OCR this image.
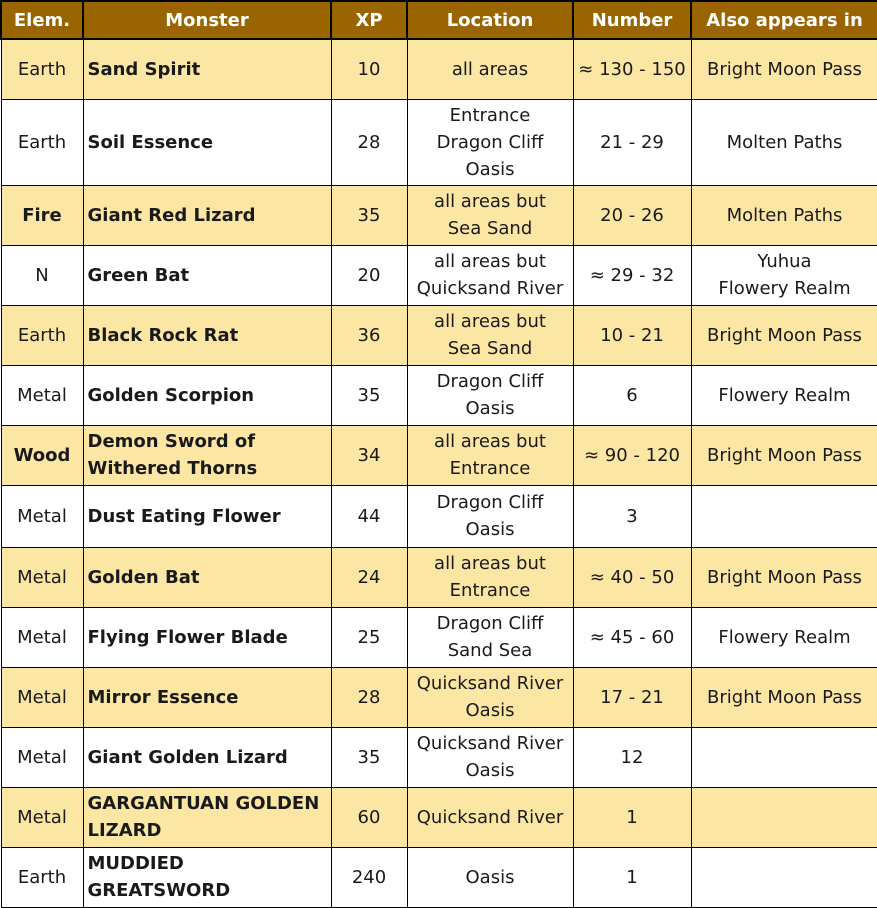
Elem.	Monster	XP	Location	Number	Also appears in
Earth	Sand Spirit	10	all areas	≈ 130 - 150	Bright Moon Pass

Earth	Soil Essence	28	Entrance
Dragon Cliff
Oasis	21 - 29	Molten Paths

Fire	Giant Red Lizard	35	all areas but
Sea Sand	20 - 26	Molten Paths

N	Green Bat	20	all areas but
Quicksand River	≈ 29 - 32	Yuhua
Flowery Realm

Earth	Black Rock Rat	36	all areas but
Sea Sand	10 - 21	Bright Moon Pass

Metal	Golden Scorpion	35	Dragon Cliff
Oasis	6	Flowery Realm

Wood	Demon Sword of Withered Thorns	34	all areas but
Entrance	≈ 90 - 120	Bright Moon Pass

Metal	Dust Eating Flower	44	Dragon Cliff
Oasis	3	
Metal	Golden Bat	24	all areas but
Entrance	≈ 40 - 50	Bright Moon Pass

Metal	Flying Flower Blade	25	Dragon Cliff
Sand Sea	≈ 45 - 60	Flowery Realm

Metal	Mirror Essence	28	Quicksand River
Oasis	17 - 21	Bright Moon Pass

Metal	Giant Golden Lizard	35	Quicksand River
Oasis	12	
Metal	GARGANTUAN GOLDEN LIZARD	60	Quicksand River	1	
Earth	MUDDIED GREATSWORD	240	Oasis	1	
